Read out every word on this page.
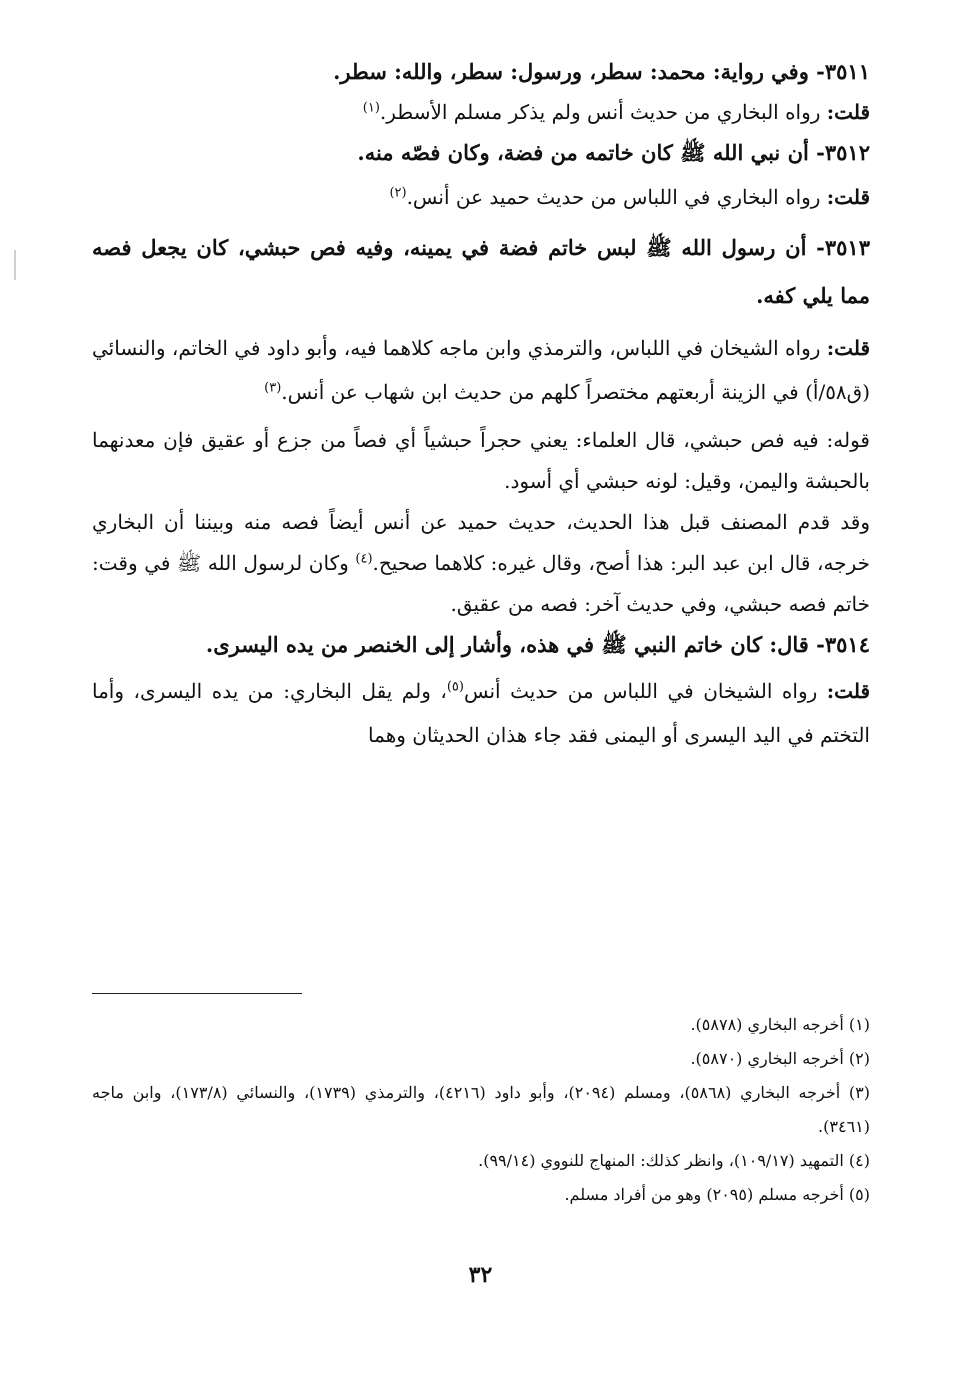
٣٥١١- وفي رواية: محمد: سطر، ورسول: سطر، والله: سطر.

قلت: رواه البخاري من حديث أنس ولم يذكر مسلم الأسطر.$^{(١)}$

٣٥١٢- أن نبي الله ﷺ كان خاتمه من فضة، وكان فصّه منه.

قلت: رواه البخاري في اللباس من حديث حميد عن أنس.$^{(٢)}$

٣٥١٣- أن رسول الله ﷺ لبس خاتم فضة في يمينه، وفيه فص حبشي، كان يجعل فصه مما يلي كفه.

قلت: رواه الشيخان في اللباس، والترمذي وابن ماجه كلاهما فيه، وأبو داود في الخاتم، والنسائي (ق٥٨/أ) في الزينة أربعتهم مختصراً كلهم من حديث ابن شهاب عن أنس.$^{(٣)}$

قوله: فيه فص حبشي، قال العلماء: يعني حجراً حبشياً أي فصاً من جزع أو عقيق فإن معدنهما بالحبشة واليمن، وقيل: لونه حبشي أي أسود.

وقد قدم المصنف قبل هذا الحديث، حديث حميد عن أنس أيضاً فصه منه وبيننا أن البخاري خرجه، قال ابن عبد البر: هذا أصح، وقال غيره: كلاهما صحيح.$^{(٤)}$ وكان لرسول الله ﷺ في وقت: خاتم فصه حبشي، وفي حديث آخر: فصه من عقيق.

٣٥١٤- قال: كان خاتم النبي ﷺ في هذه، وأشار إلى الخنصر من يده اليسرى.

قلت: رواه الشيخان في اللباس من حديث أنس$^{(٥)}$، ولم يقل البخاري: من يده اليسرى، وأما التختم في اليد اليسرى أو اليمنى فقد جاء هذان الحديثان وهما

(١) أخرجه البخاري (٥٨٧٨).

(٢) أخرجه البخاري (٥٨٧٠).

(٣) أخرجه البخاري (٥٨٦٨)، ومسلم (٢٠٩٤)، وأبو داود (٤٢١٦)، والترمذي (١٧٣٩)، والنسائي (١٧٣/٨)، وابن ماجه (٣٤٦١).

(٤) التمهيد (١٠٩/١٧)، وانظر كذلك: المنهاج للنووي (٩٩/١٤).

(٥) أخرجه مسلم (٢٠٩٥) وهو من أفراد مسلم.

٣٢
